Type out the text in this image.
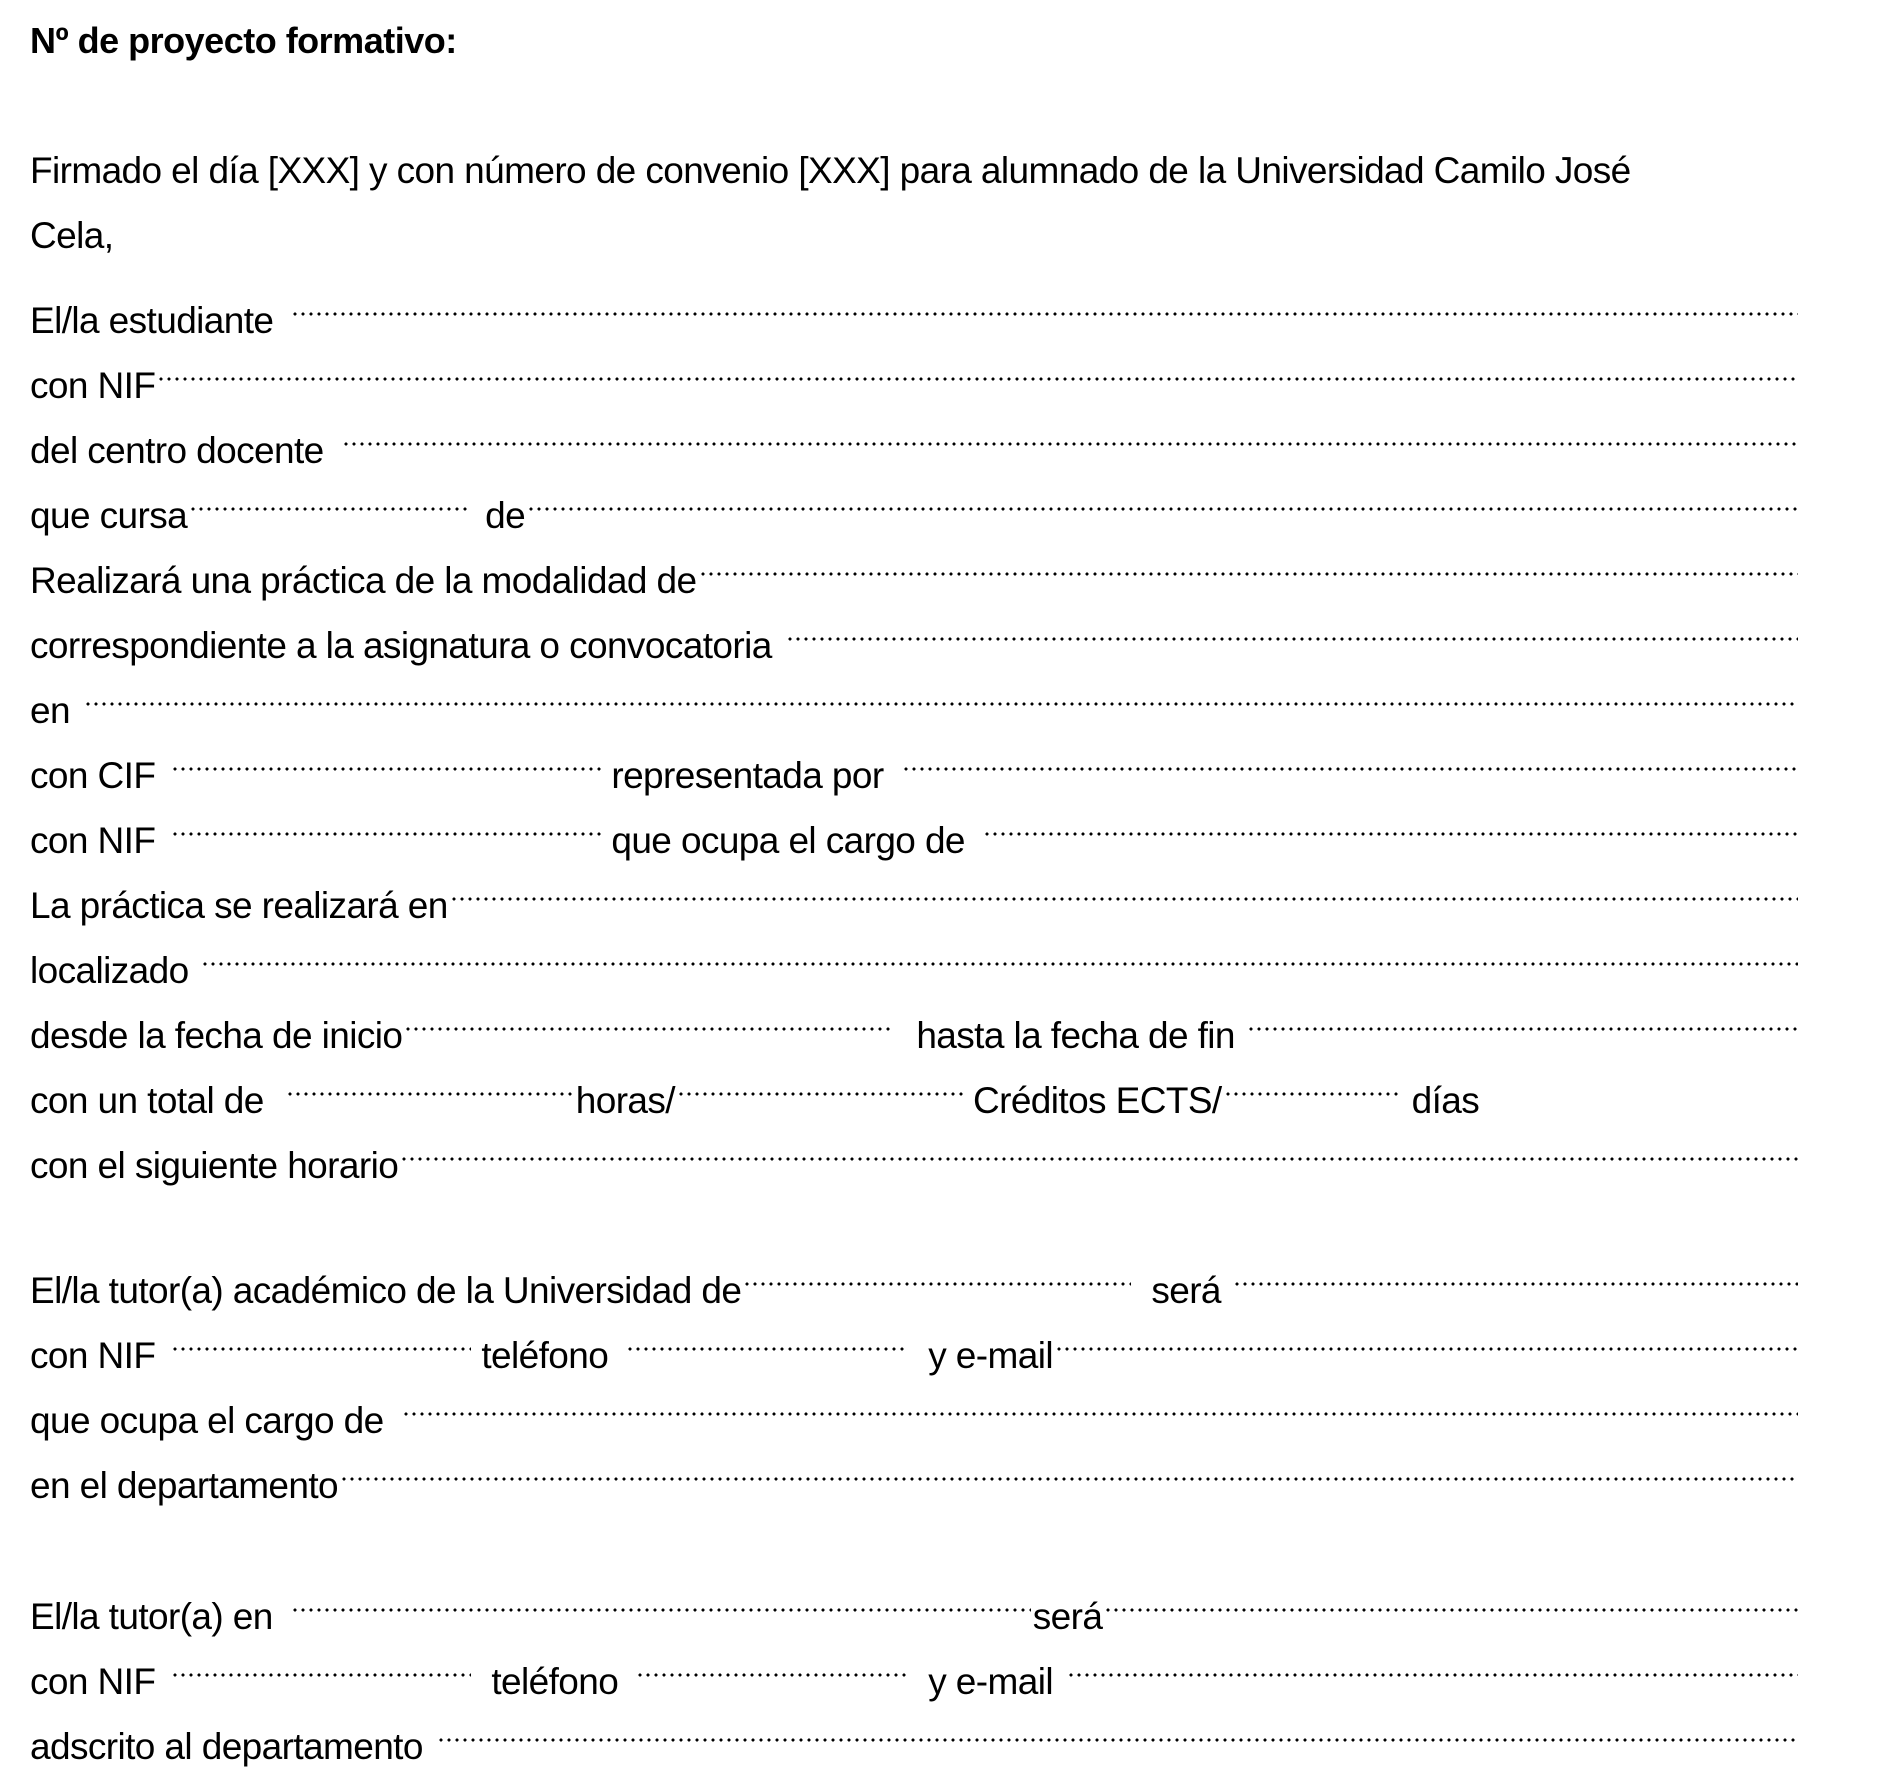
Nº de proyecto formativo:
Firmado el día [XXX] y con número de convenio [XXX] para alumnado de la Universidad Camilo José
Cela,
El/la estudiante
con NIF
del centro docente
que cursa	de
Realizará una práctica de la modalidad de
correspondiente a la asignatura o convocatoria
en
con CIF	representada por
con NIF	que ocupa el cargo de
La práctica se realizará en
localizado
desde la fecha de inicio	hasta la fecha de fin
con un total de	horas/	Créditos ECTS/	días
con el siguiente horario
El/la tutor(a) académico de la Universidad de	será
con NIF	teléfono	y e-mail
que ocupa el cargo de
en el departamento
El/la tutor(a) en	será
con NIF	teléfono	y e-mail
adscrito al departamento
